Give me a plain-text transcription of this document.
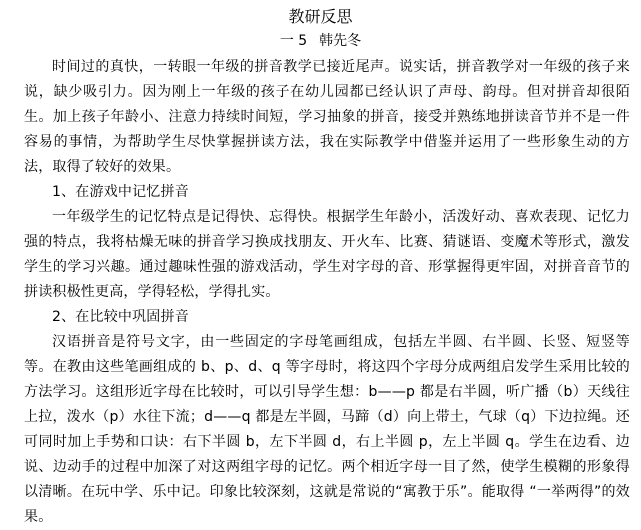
教研反思
一 5 韩先冬

时间过的真快，一转眼一年级的拼音教学已接近尾声。说实话，拼音教学对一年级的孩子来说，缺少吸引力。因为刚上一年级的孩子在幼儿园都已经认识了声母、韵母。但对拼音却很陌生。加上孩子年龄小、注意力持续时间短，学习抽象的拼音，接受并熟练地拼读音节并不是一件容易的事情，为帮助学生尽快掌握拼读方法，我在实际教学中借鉴并运用了一些形象生动的方法，取得了较好的效果。

1、在游戏中记忆拼音

一年级学生的记忆特点是记得快、忘得快。根据学生年龄小，活泼好动、喜欢表现、记忆力强的特点，我将枯燥无味的拼音学习换成找朋友、开火车、比赛、猜谜语、变魔术等形式，激发学生的学习兴趣。通过趣味性强的游戏活动，学生对字母的音、形掌握得更牢固，对拼音音节的拼读积极性更高，学得轻松，学得扎实。

2、在比较中巩固拼音

汉语拼音是符号文字，由一些固定的字母笔画组成，包括左半圆、右半圆、长竖、短竖等等。在教由这些笔画组成的 b、p、d、q 等字母时，将这四个字母分成两组启发学生采用比较的方法学习。这组形近字母在比较时，可以引导学生想：b——p 都是右半圆，听广播（b）天线往上拉，泼水（p）水往下流；d——q 都是左半圆，马蹄（d）向上带土，气球（q）下边拉绳。还可同时加上手势和口诀：右下半圆 b，左下半圆 d，右上半圆 p，左上半圆 q。学生在边看、边说、边动手的过程中加深了对这两组字母的记忆。两个相近字母一目了然，使学生模糊的形象得以清晰。在玩中学、乐中记。印象比较深刻，这就是常说的“寓教于乐”。能取得 “一举两得”的效果。
